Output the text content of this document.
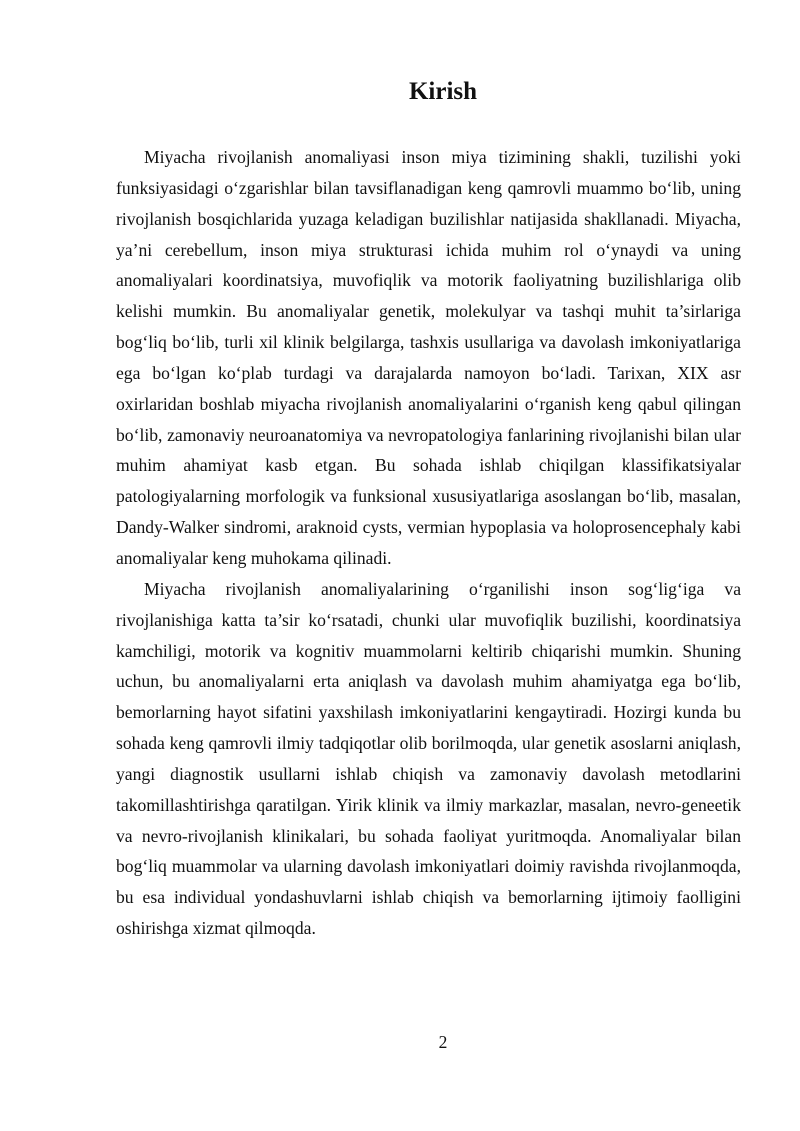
Kirish

Miyacha rivojlanish anomaliyasi inson miya tizimining shakli, tuzilishi yoki funksiyasidagi o‘zgarishlar bilan tavsiflanadigan keng qamrovli muammo bo‘lib, uning rivojlanish bosqichlarida yuzaga keladigan buzilishlar natijasida shakllanadi. Miyacha, ya’ni cerebellum, inson miya strukturasi ichida muhim rol o‘ynaydi va uning anomaliyalari koordinatsiya, muvofiqlik va motorik faoliyatning buzilishlariga olib kelishi mumkin. Bu anomaliyalar genetik, molekulyar va tashqi muhit ta’sirlariga bog‘liq bo‘lib, turli xil klinik belgilarga, tashxis usullariga va davolash imkoniyatlariga ega bo‘lgan ko‘plab turdagi va darajalarda namoyon bo‘ladi. Tarixan, XIX asr oxirlaridan boshlab miyacha rivojlanish anomaliyalarini o‘rganish keng qabul qilingan bo‘lib, zamonaviy neuroanatomiya va nevropatologiya fanlarining rivojlanishi bilan ular muhim ahamiyat kasb etgan. Bu sohada ishlab chiqilgan klassifikatsiyalar patologiyalarning morfologik va funksional xususiyatlariga asoslangan bo‘lib, masalan, Dandy-Walker sindromi, araknoid cysts, vermian hypoplasia va holoprosencephaly kabi anomaliyalar keng muhokama qilinadi.

Miyacha rivojlanish anomaliyalarining o‘rganilishi inson sog‘lig‘iga va rivojlanishiga katta ta’sir ko‘rsatadi, chunki ular muvofiqlik buzilishi, koordinatsiya kamchiligi, motorik va kognitiv muammolarni keltirib chiqarishi mumkin. Shuning uchun, bu anomaliyalarni erta aniqlash va davolash muhim ahamiyatga ega bo‘lib, bemorlarning hayot sifatini yaxshilash imkoniyatlarini kengaytiradi. Hozirgi kunda bu sohada keng qamrovli ilmiy tadqiqotlar olib borilmoqda, ular genetik asoslarni aniqlash, yangi diagnostik usullarni ishlab chiqish va zamonaviy davolash metodlarini takomillashtirishga qaratilgan. Yirik klinik va ilmiy markazlar, masalan, nevro-geneetik va nevro-rivojlanish klinikalari, bu sohada faoliyat yuritmoqda. Anomaliyalar bilan bog‘liq muammolar va ularning davolash imkoniyatlari doimiy ravishda rivojlanmoqda, bu esa individual yondashuvlarni ishlab chiqish va bemorlarning ijtimoiy faolligini oshirishga xizmat qilmoqda.

2
